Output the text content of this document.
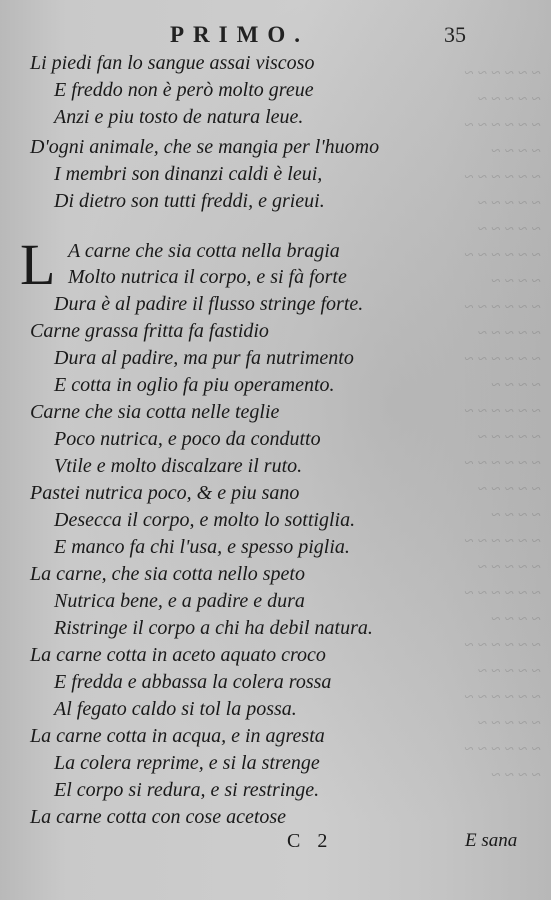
~ ~ ~ ~ ~ ~
~ ~ ~ ~ ~
~ ~ ~ ~ ~ ~
~ ~ ~ ~
~ ~ ~ ~ ~ ~
~ ~ ~ ~ ~
~ ~ ~ ~ ~
~ ~ ~ ~ ~ ~
~ ~ ~ ~
~ ~ ~ ~ ~ ~
~ ~ ~ ~ ~
~ ~ ~ ~ ~ ~
~ ~ ~ ~
~ ~ ~ ~ ~ ~
~ ~ ~ ~ ~
~ ~ ~ ~ ~ ~
~ ~ ~ ~ ~
~ ~ ~ ~
~ ~ ~ ~ ~ ~
~ ~ ~ ~ ~
~ ~ ~ ~ ~ ~
~ ~ ~ ~
~ ~ ~ ~ ~ ~
~ ~ ~ ~ ~
~ ~ ~ ~ ~ ~
~ ~ ~ ~ ~
~ ~ ~ ~ ~ ~
~ ~ ~ ~
PRIMO.	35
Li piedi fan lo sangue assai viscoso
E freddo non è però molto greue
Anzi e piu tosto de natura leue.
D'ogni animale, che se mangia per l'huomo
I membri son dinanzi caldi è leui,
Di dietro son tutti freddi, e grieui.
L A carne che sia cotta nella bragia
Molto nutrica il corpo, e si fà forte
Dura è al padire il flusso stringe forte.
Carne grassa fritta fa fastidio
Dura al padire, ma pur fa nutrimento
E cotta in oglio fa piu operamento.
Carne che sia cotta nelle teglie
Poco nutrica, e poco da condutto
Vtile e molto discalzare il ruto.
Pastei nutrica poco, & e piu sano
Desecca il corpo, e molto lo sottiglia.
E manco fa chi l'usa, e spesso piglia.
La carne, che sia cotta nello speto
Nutrica bene, e a padire e dura
Ristringe il corpo a chi ha debil natura.
La carne cotta in aceto aquato croco
E fredda e abbassa la colera rossa
Al fegato caldo si tol la possa.
La carne cotta in acqua, e in agresta
La colera reprime, e si la strenge
El corpo si redura, e si restringe.
La carne cotta con cose acetose
C 2	E sana
